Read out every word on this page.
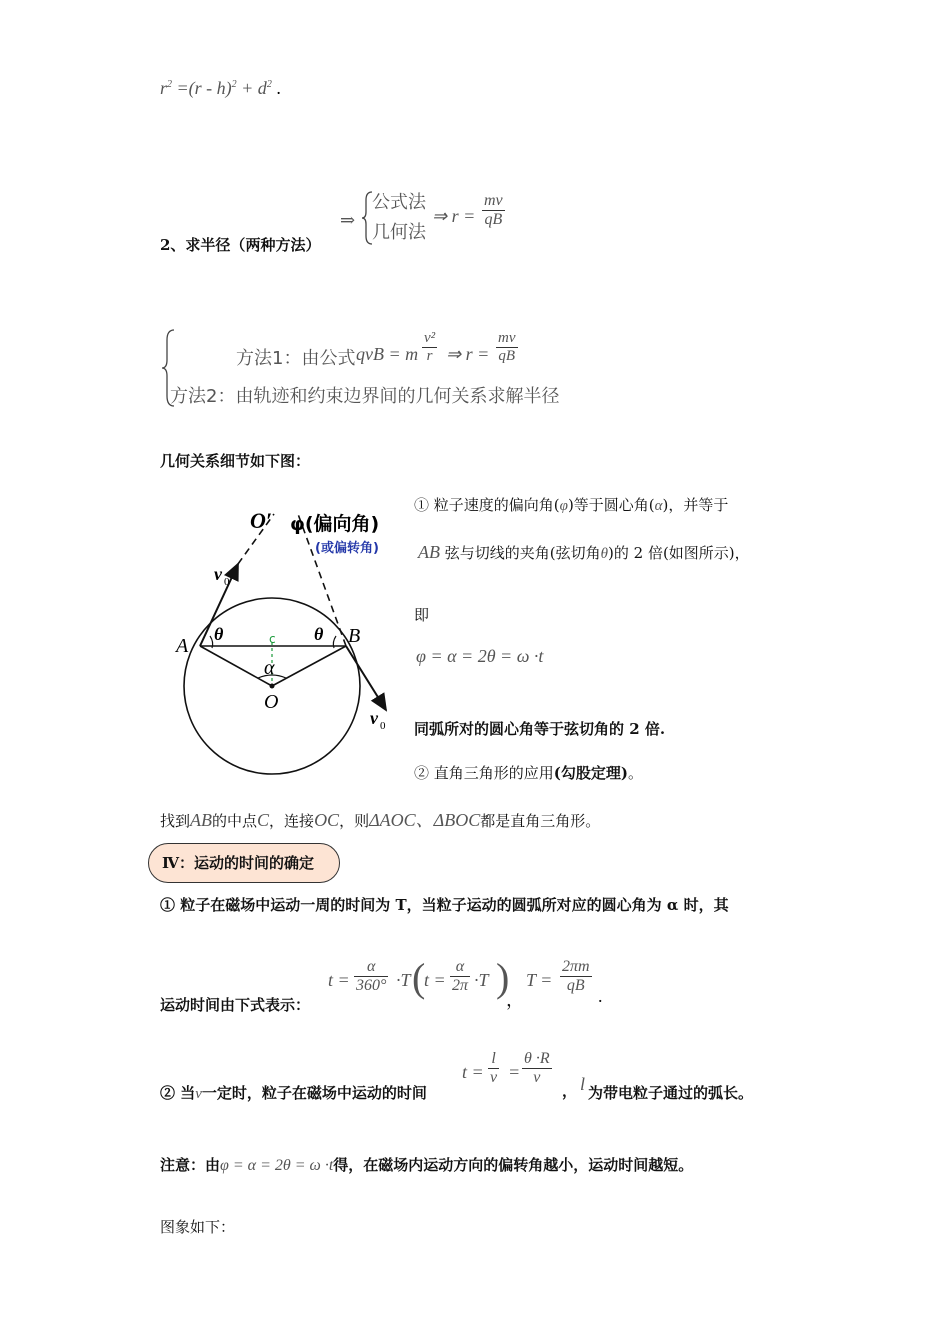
$r^2 =(r - h)^2 + d^2$ .
2、求半径（两种方法）
⇒
公式法
几何法
⇒ $r = \frac{mv}{qB}$
方法1：由公式 qvB = m $\frac{\text{v²}}{r}$ ⇒ $r = \frac{mv}{qB}$
方法2：由轨迹和约束边界间的几何关系求解半径
几何关系细节如下图：
O′ φ(偏向角)
(或偏转角)
v 0
A	B
θ	θ
c
α
O
v 0
① 粒子速度的偏向角(φ)等于圆心角(α)，并等于
AB 弦与切线的夹角(弦切角θ)的 2 倍(如图所示)，
即
φ = α = 2θ = ω ·t
同弧所对的圆心角等于弦切角的 2 倍.
② 直角三角形的应用(勾股定理)。
找到AB的中点C，连接OC，则ΔAOC、ΔBOC都是直角三角形。
Ⅳ：运动的时间的确定
① 粒子在磁场中运动一周的时间为 T，当粒子运动的圆弧所对应的圆心角为 α 时，其
运动时间由下式表示：
$t = \frac{\alpha}{360^\circ} \cdot T$ (
$t = \frac{\alpha}{2\pi} \cdot T$ )
，
$T = \frac{2\pi m}{qB}$
.
② 当v一定时，粒子在磁场中运动的时间
$t = \frac{l}{v} = \frac{\theta \cdot R}{v}$
， l 为带电粒子通过的弧长。
注意：由φ = α = 2θ = ω ·t得，在磁场内运动方向的偏转角越小，运动时间越短。
图象如下：
